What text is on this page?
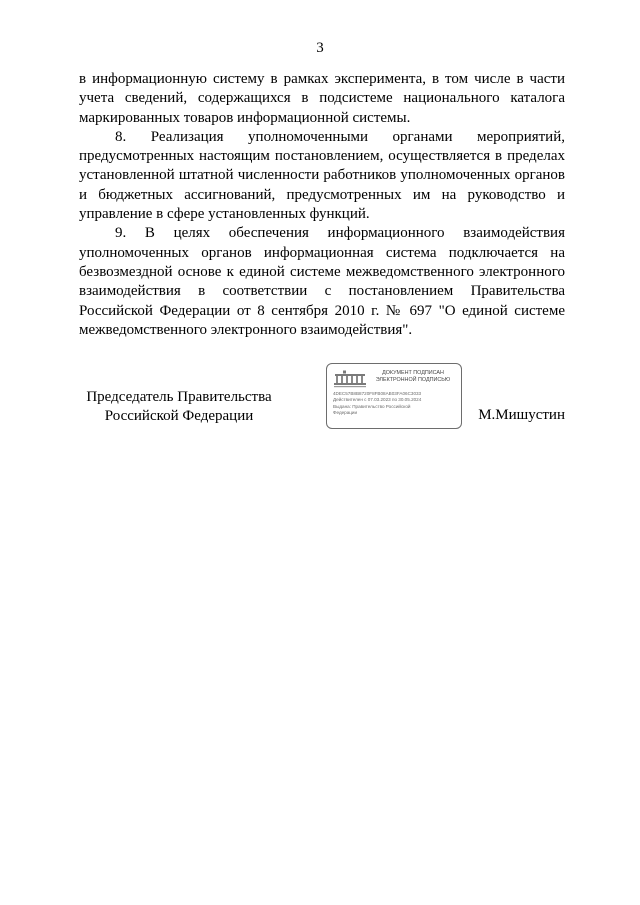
3

в информационную систему в рамках эксперимента, в том числе в части учета сведений, содержащихся в подсистеме национального каталога маркированных товаров информационной системы.

8. Реализация уполномоченными органами мероприятий, предусмотренных настоящим постановлением, осуществляется в пределах установленной штатной численности работников уполномоченных органов и бюджетных ассигнований, предусмотренных им на руководство и управление в сфере установленных функций.

9. В целях обеспечения информационного взаимодействия уполномоченных органов информационная система подключается на безвозмездной основе к единой системе межведомственного электронного взаимодействия в соответствии с постановлением Правительства Российской Федерации от 8 сентября 2010 г. № 697 "О единой системе межведомственного электронного взаимодействия".

Председатель Правительства
Российской Федерации
ДОКУМЕНТ ПОДПИСАН
ЭЛЕКТРОННОЙ ПОДПИСЬЮ
4DEC57B8B8720F8FB08AB03FA06C3033
Действителен с 07.03.2023 по 30.05.2024
Выдана: Правительство Российской
Федерации	М.Мишустин
